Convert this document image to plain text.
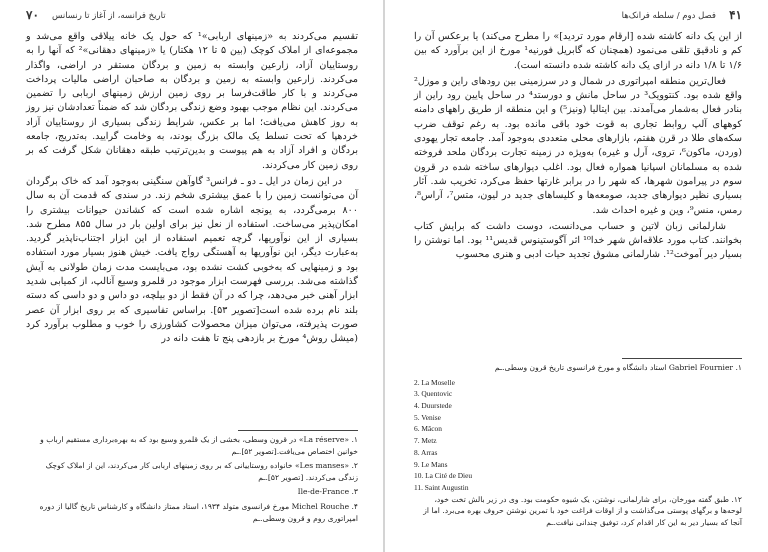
۷۰ تاریخ فرانسه، از آغاز تا رنسانس

تقسیم می‌کردند به «زمینهای اربابی»¹ که حول یک خانه ییلاقی واقع می‌شد و مجموعه‌ای از املاک کوچک (بین ۵ تا ۱۲ هکتار) یا «زمینهای دهقانی»² که آنها را به روستاییان آزاد، زارعین وابسته به زمین و بردگان مستقر در اراضی، واگذار می‌کردند. زارعین وابسته به زمین و بردگان به صاحبان اراضی مالیات پرداخت می‌کردند و با کار طاقت‌فرسا بر روی زمین ارزش زمینهای اربابی را تضمین می‌کردند. این نظام موجب بهبود وضع زندگی بردگان شد که ضمناً تعدادشان نیز روز به روز کاهش می‌یافت؛ اما بر عکس، شرایط زندگی بسیاری از روستاییان آزاد خردهپا که تحت تسلط یک مالک بزرگ بودند، به وخامت گرایید. به‌تدریج، جامعه بردگان و افراد آزاد به هم پیوست و بدین‌ترتیب طبقه دهقانان شکل گرفت که بر روی زمین کار می‌کردند.

در این زمان در ایل ـ دو ـ فرانس³ گاوآهن سنگینی به‌وجود آمد که خاک برگردان آن می‌توانست زمین را با عمق بیشتری شخم زند. در سندی که قدمت آن به سال ۸۰۰ برمی‌گردد، به یونجه اشاره شده است که کشاندن حیوانات بیشتری را امکان‌پذیر می‌ساخت. استفاده از نعل نیز برای اولین بار در سال ۸۵۵ مطرح شد. بسیاری از این نوآوریها، گرچه تعمیم استفاده از این ابزار اجتناب‌ناپذیر گردید. به‌عبارت دیگر، این نوآوریها به آهستگی رواج یافت. خیش هنوز بسیار مورد استفاده بود و زمینهایی که به‌خوبی کشت نشده بود، می‌بایست مدت زمان طولانی به آیش گذاشته می‌شد. بررسی فهرست ابزار موجود در قلمرو وسیع آنالپ، از کمیابی شدید ابزار آهنی خبر می‌دهد، چرا که در آن فقط از دو بیلچه، دو داس و دو داسی که دسته بلند نام برده شده است[تصویر ۵۳]. براساس تفاسیری که بر روی ابزار آن عصر صورت پذیرفته، می‌توان میزان محصولات کشاورزی را خوب و مطلوب برآورد کرد (میشل روش⁴ مورخ بر بازدهی پنج تا هفت دانه در

۱. «La réserve» در قرون وسطی، بخشی از یک قلمرو وسیع بود که به بهره‌برداری مستقیم ارباب و خوانین اختصاص می‌یافت.[تصویر ۵۲].ـم
۲. «Les manses» خانواده روستاییانی که بر روی زمینهای اربابی کار می‌کردند، این از املاک کوچک زندگی می‌کردند. [تصویر ۵۲].ـم
۳. Ile-de-France
۴. Michel Rouche مورخ فرانسوی متولد ۱۹۳۴، استاد ممتاز دانشگاه و کارشناس تاریخ گالیا از دوره امپراتوری روم و قرون وسطی.ـم
۴۱
فصل دوم / سلطه فرانک‌ها

از این یک دانه کاشته شده [ارقام مورد تردید]» را مطرح می‌کند) یا برعکس آن را کم و نادقیق تلقی می‌نمود (همچنان که گابریل فورنیه¹ مورخ از این برآورد که بین ۱/۶ تا ۱/۸ دانه در ازای یک دانه کاشته شده دانسته است).

فعال‌ترین منطقه امپراتوری در شمال و در سرزمینی بین رودهای راین و موزل² واقع شده بود. کنتوویک³ در ساحل مانش و دورستد⁴ در ساحل پایین رود راین از بنادر فعال به‌شمار می‌آمدند. بین ایتالیا (ونیز⁵) و این منطقه از طریق راههای دامنه کوههای آلپ روابط تجاری به قوت خود باقی مانده بود. به رغم توقف ضرب سکه‌های طلا در قرن هفتم، بازارهای محلی متعددی به‌وجود آمد. جامعه تجار یهودی (وردن، ماکون⁶، تروی، آرل و غیره) به‌ویژه در زمینه تجارت بردگان ملحد فروخته شده به مسلمانان اسپانیا همواره فعال بود. اغلب دیوارهای ساخته شده در قرون سوم در پیرامون شهرها، که شهر را در برابر غارتها حفظ می‌کرد، تخریب شد. آثار بسیاری نظیر دیوارهای جدید، صومعه‌ها و کلیساهای جدید در لیون، متس⁷، آراس⁸، رمس، منس⁹، وین و غیره احداث شد.

شارلمانی زبان لاتین و حساب می‌دانست، دوست داشت که برایش کتاب بخوانند. کتاب مورد علاقه‌اش شهر خدا¹⁰ اثر آگوستینوس قدیس¹¹ بود. اما نوشتن را بسیار دیر آموخت¹². شارلمانی مشوق تجدید حیات ادبی و هنری محسوب

۱. Gabriel Fournier استاد دانشگاه و مورخ فرانسوی تاریخ قرون وسطی.ـم
2. La Moselle
3. Quentovic
4. Duurstede
5. Venise
6. Mâcon
7. Metz
8. Arras
9. Le Mans
10. La Cité de Dieu
11. Saint Augustin
۱۲. طبق گفته مورخان، برای شارلمانی، نوشتن، یک شیوه حکومت بود. وی در زیر بالش تخت خود، لوحه‌ها و برگهای پوستی می‌گذاشت و از اوقات فراغت خود با تمرین نوشتن حروف بهره می‌برد. اما از آنجا که بسیار دیر به این کار اقدام کرد، توفیق چندانی نیافت.ـم
